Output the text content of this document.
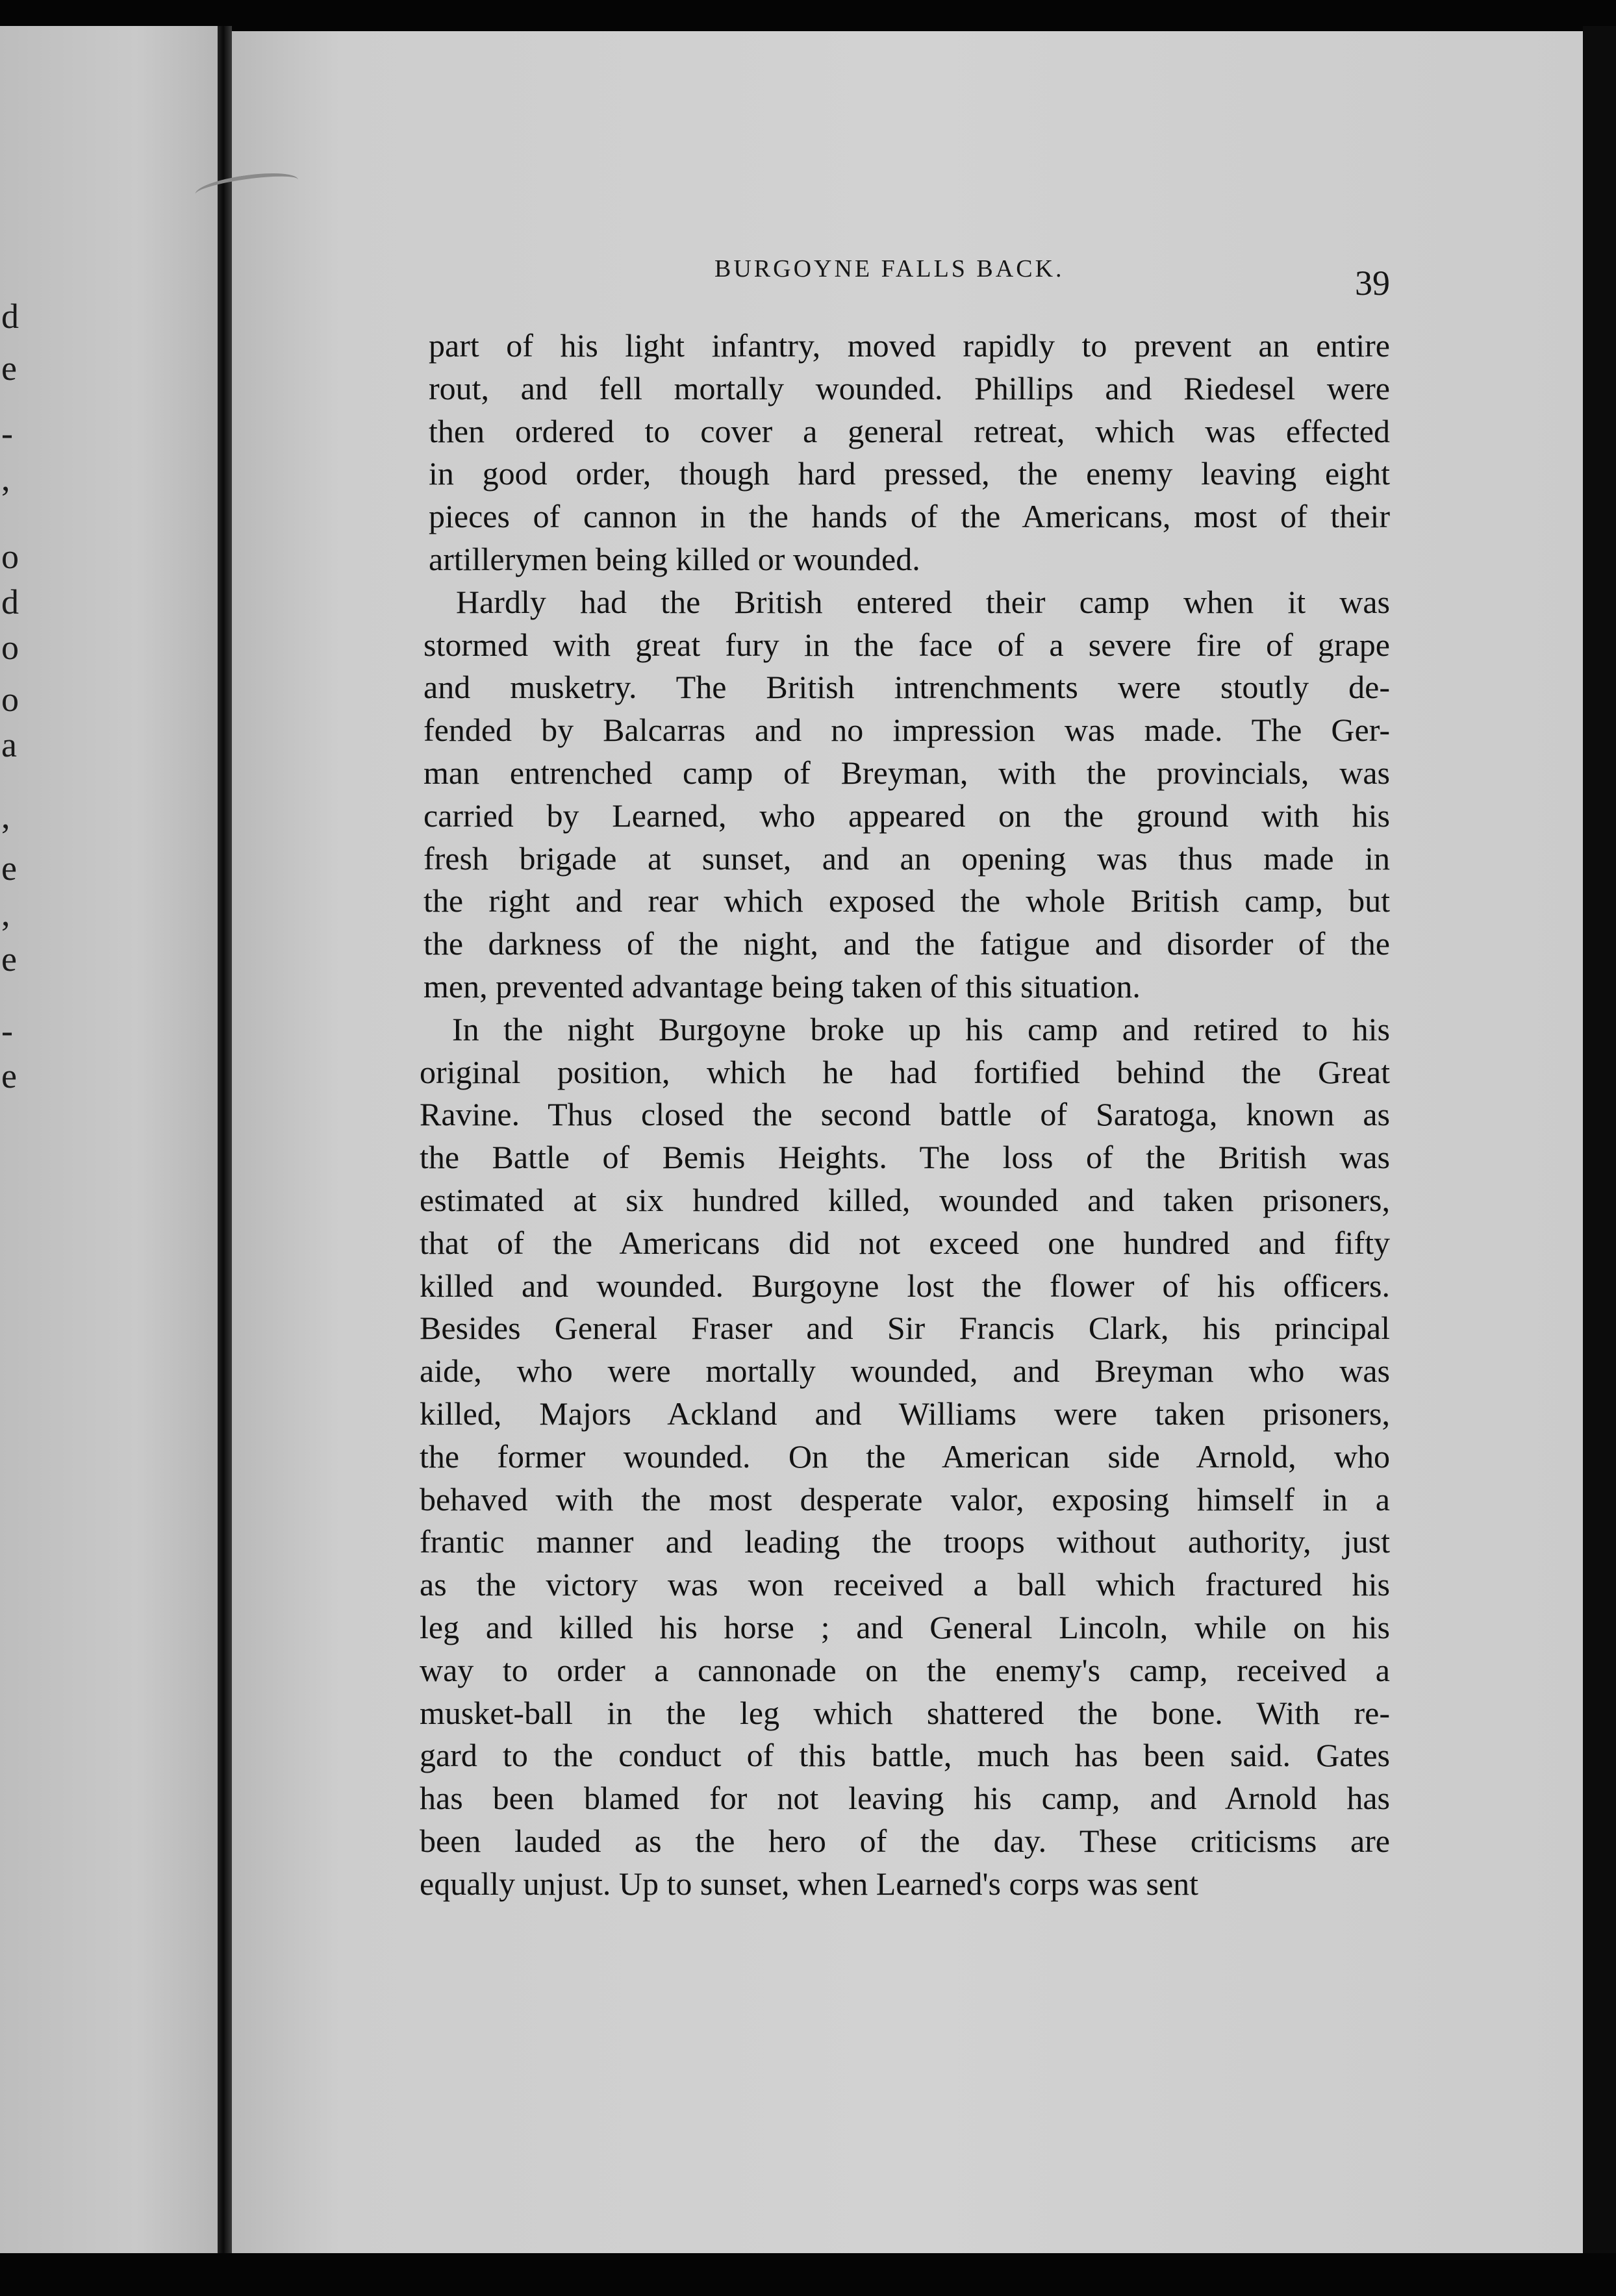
d
e
-
,
o
d
o
o
a
,
e
,
e
-
e
BURGOYNE FALLS BACK.	39

part of his light infantry, moved rapidly to prevent an entire
rout, and fell mortally wounded. Phillips and Riedesel were
then ordered to cover a general retreat, which was effected
in good order, though hard pressed, the enemy leaving eight
pieces of cannon in the hands of the Americans, most of their
artillerymen being killed or wounded.

Hardly had the British entered their camp when it was
stormed with great fury in the face of a severe fire of grape
and musketry. The British intrenchments were stoutly de-
fended by Balcarras and no impression was made. The Ger-
man entrenched camp of Breyman, with the provincials, was
carried by Learned, who appeared on the ground with his
fresh brigade at sunset, and an opening was thus made in
the right and rear which exposed the whole British camp, but
the darkness of the night, and the fatigue and disorder of the
men, prevented advantage being taken of this situation.

In the night Burgoyne broke up his camp and retired to his
original position, which he had fortified behind the Great
Ravine. Thus closed the second battle of Saratoga, known as
the Battle of Bemis Heights. The loss of the British was
estimated at six hundred killed, wounded and taken prisoners,
that of the Americans did not exceed one hundred and fifty
killed and wounded. Burgoyne lost the flower of his officers.
Besides General Fraser and Sir Francis Clark, his principal
aide, who were mortally wounded, and Breyman who was
killed, Majors Ackland and Williams were taken prisoners,
the former wounded. On the American side Arnold, who
behaved with the most desperate valor, exposing himself in a
frantic manner and leading the troops without authority, just
as the victory was won received a ball which fractured his
leg and killed his horse ; and General Lincoln, while on his
way to order a cannonade on the enemy's camp, received a
musket-ball in the leg which shattered the bone. With re-
gard to the conduct of this battle, much has been said. Gates
has been blamed for not leaving his camp, and Arnold has
been lauded as the hero of the day. These criticisms are
equally unjust. Up to sunset, when Learned's corps was sent
